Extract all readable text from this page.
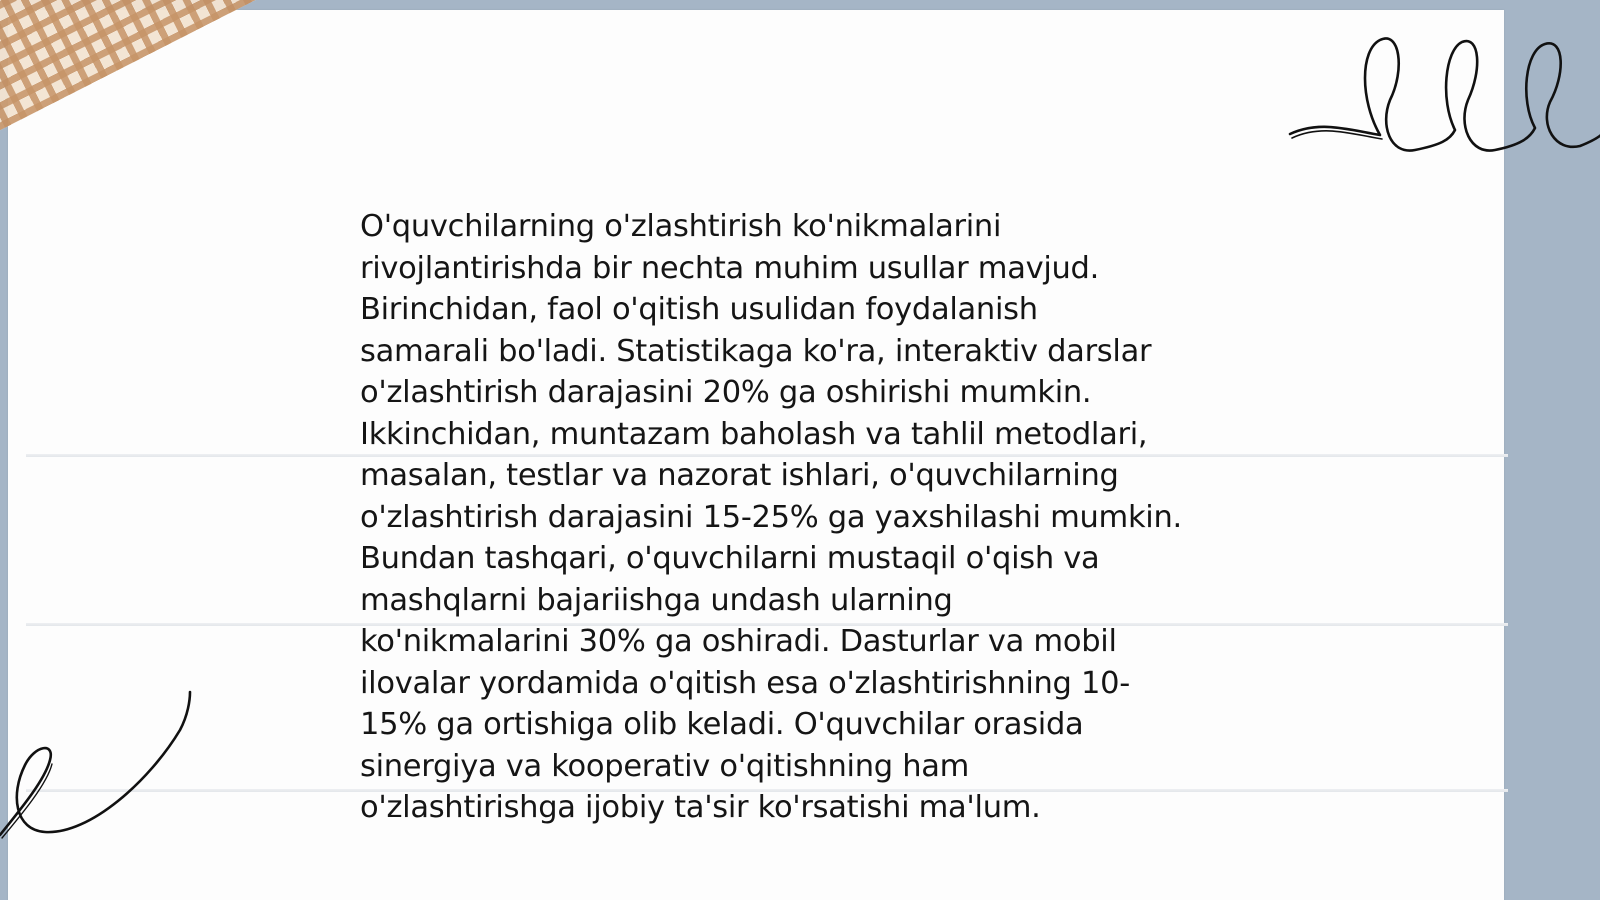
O'quvchilarning o'zlashtirish ko'nikmalarini
rivojlantirishda bir nechta muhim usullar mavjud.
Birinchidan, faol o'qitish usulidan foydalanish
samarali bo'ladi. Statistikaga ko'ra, interaktiv darslar
o'zlashtirish darajasini 20% ga oshirishi mumkin.
Ikkinchidan, muntazam baholash va tahlil metodlari,
masalan, testlar va nazorat ishlari, o'quvchilarning
o'zlashtirish darajasini 15-25% ga yaxshilashi mumkin.
Bundan tashqari, o'quvchilarni mustaqil o'qish va
mashqlarni bajariishga undash ularning
ko'nikmalarini 30% ga oshiradi. Dasturlar va mobil
ilovalar yordamida o'qitish esa o'zlashtirishning 10-
15% ga ortishiga olib keladi. O'quvchilar orasida
sinergiya va kooperativ o'qitishning ham
o'zlashtirishga ijobiy ta'sir ko'rsatishi ma'lum.
